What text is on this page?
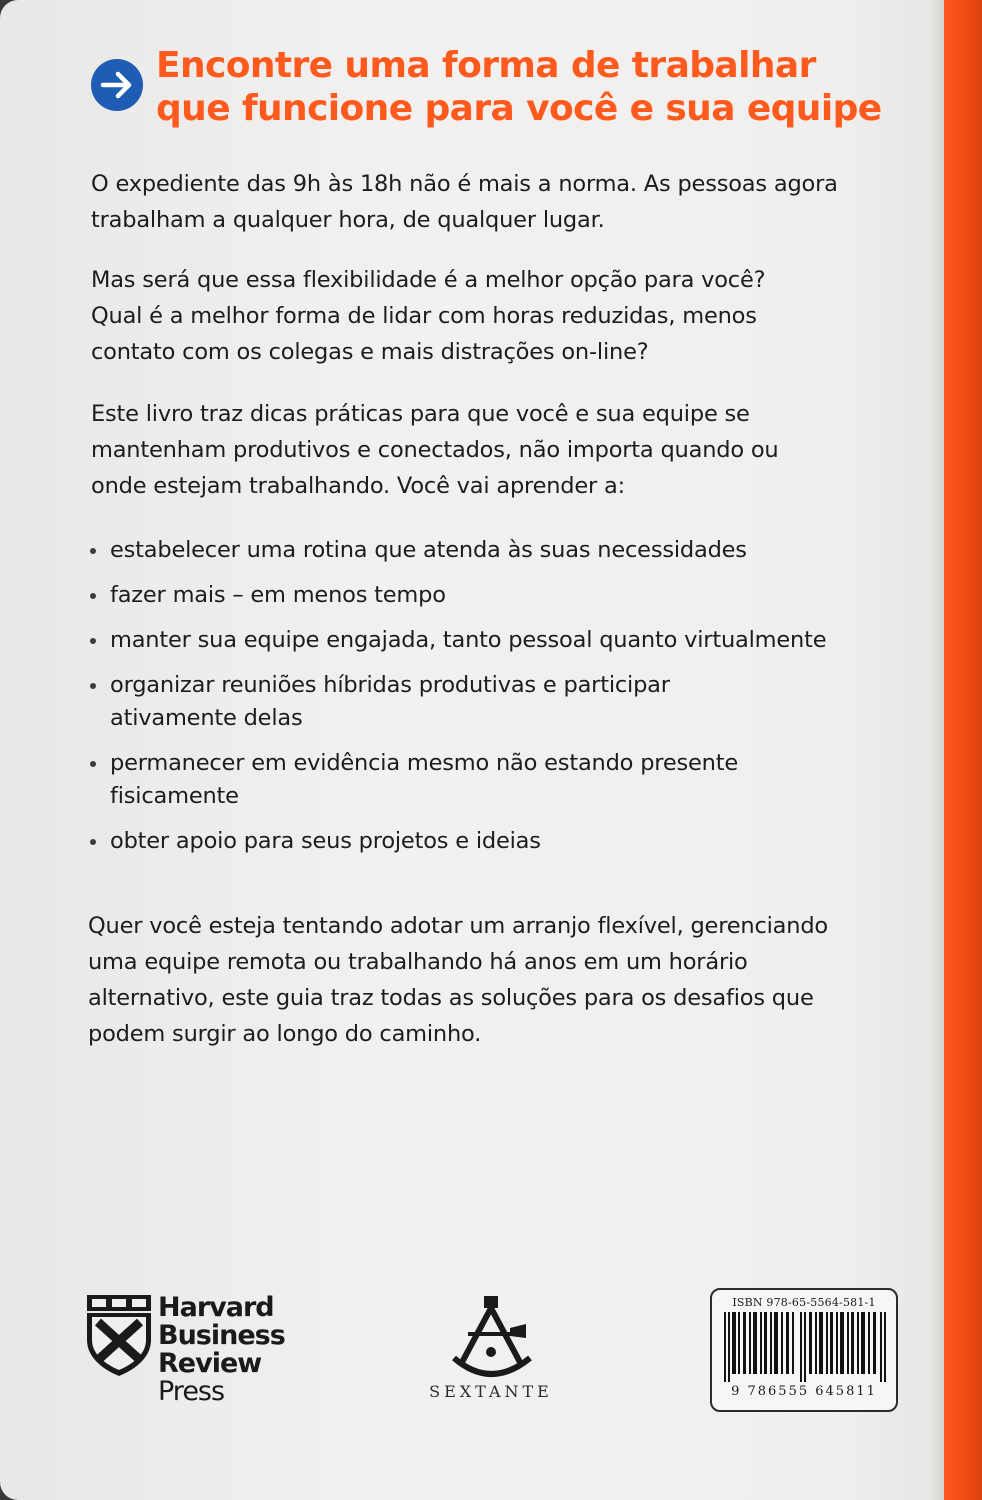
Encontre uma forma de trabalhar
que funcione para você e sua equipe
O expediente das 9h às 18h não é mais a norma. As pessoas agora
trabalham a qualquer hora, de qualquer lugar.
Mas será que essa flexibilidade é a melhor opção para você?
Qual é a melhor forma de lidar com horas reduzidas, menos
contato com os colegas e mais distrações on-line?
Este livro traz dicas práticas para que você e sua equipe se
mantenham produtivos e conectados, não importa quando ou
onde estejam trabalhando. Você vai aprender a:
estabelecer uma rotina que atenda às suas necessidades
fazer mais – em menos tempo
manter sua equipe engajada, tanto pessoal quanto virtualmente
organizar reuniões híbridas produtivas e participar
ativamente delas
permanecer em evidência mesmo não estando presente
fisicamente
obter apoio para seus projetos e ideias
Quer você esteja tentando adotar um arranjo flexível, gerenciando
uma equipe remota ou trabalhando há anos em um horário
alternativo, este guia traz todas as soluções para os desafios que
podem surgir ao longo do caminho.
Harvard
Business
Review
Press	SEXTANTE
ISBN 978-65-5564-581-1
9 786555 645811
